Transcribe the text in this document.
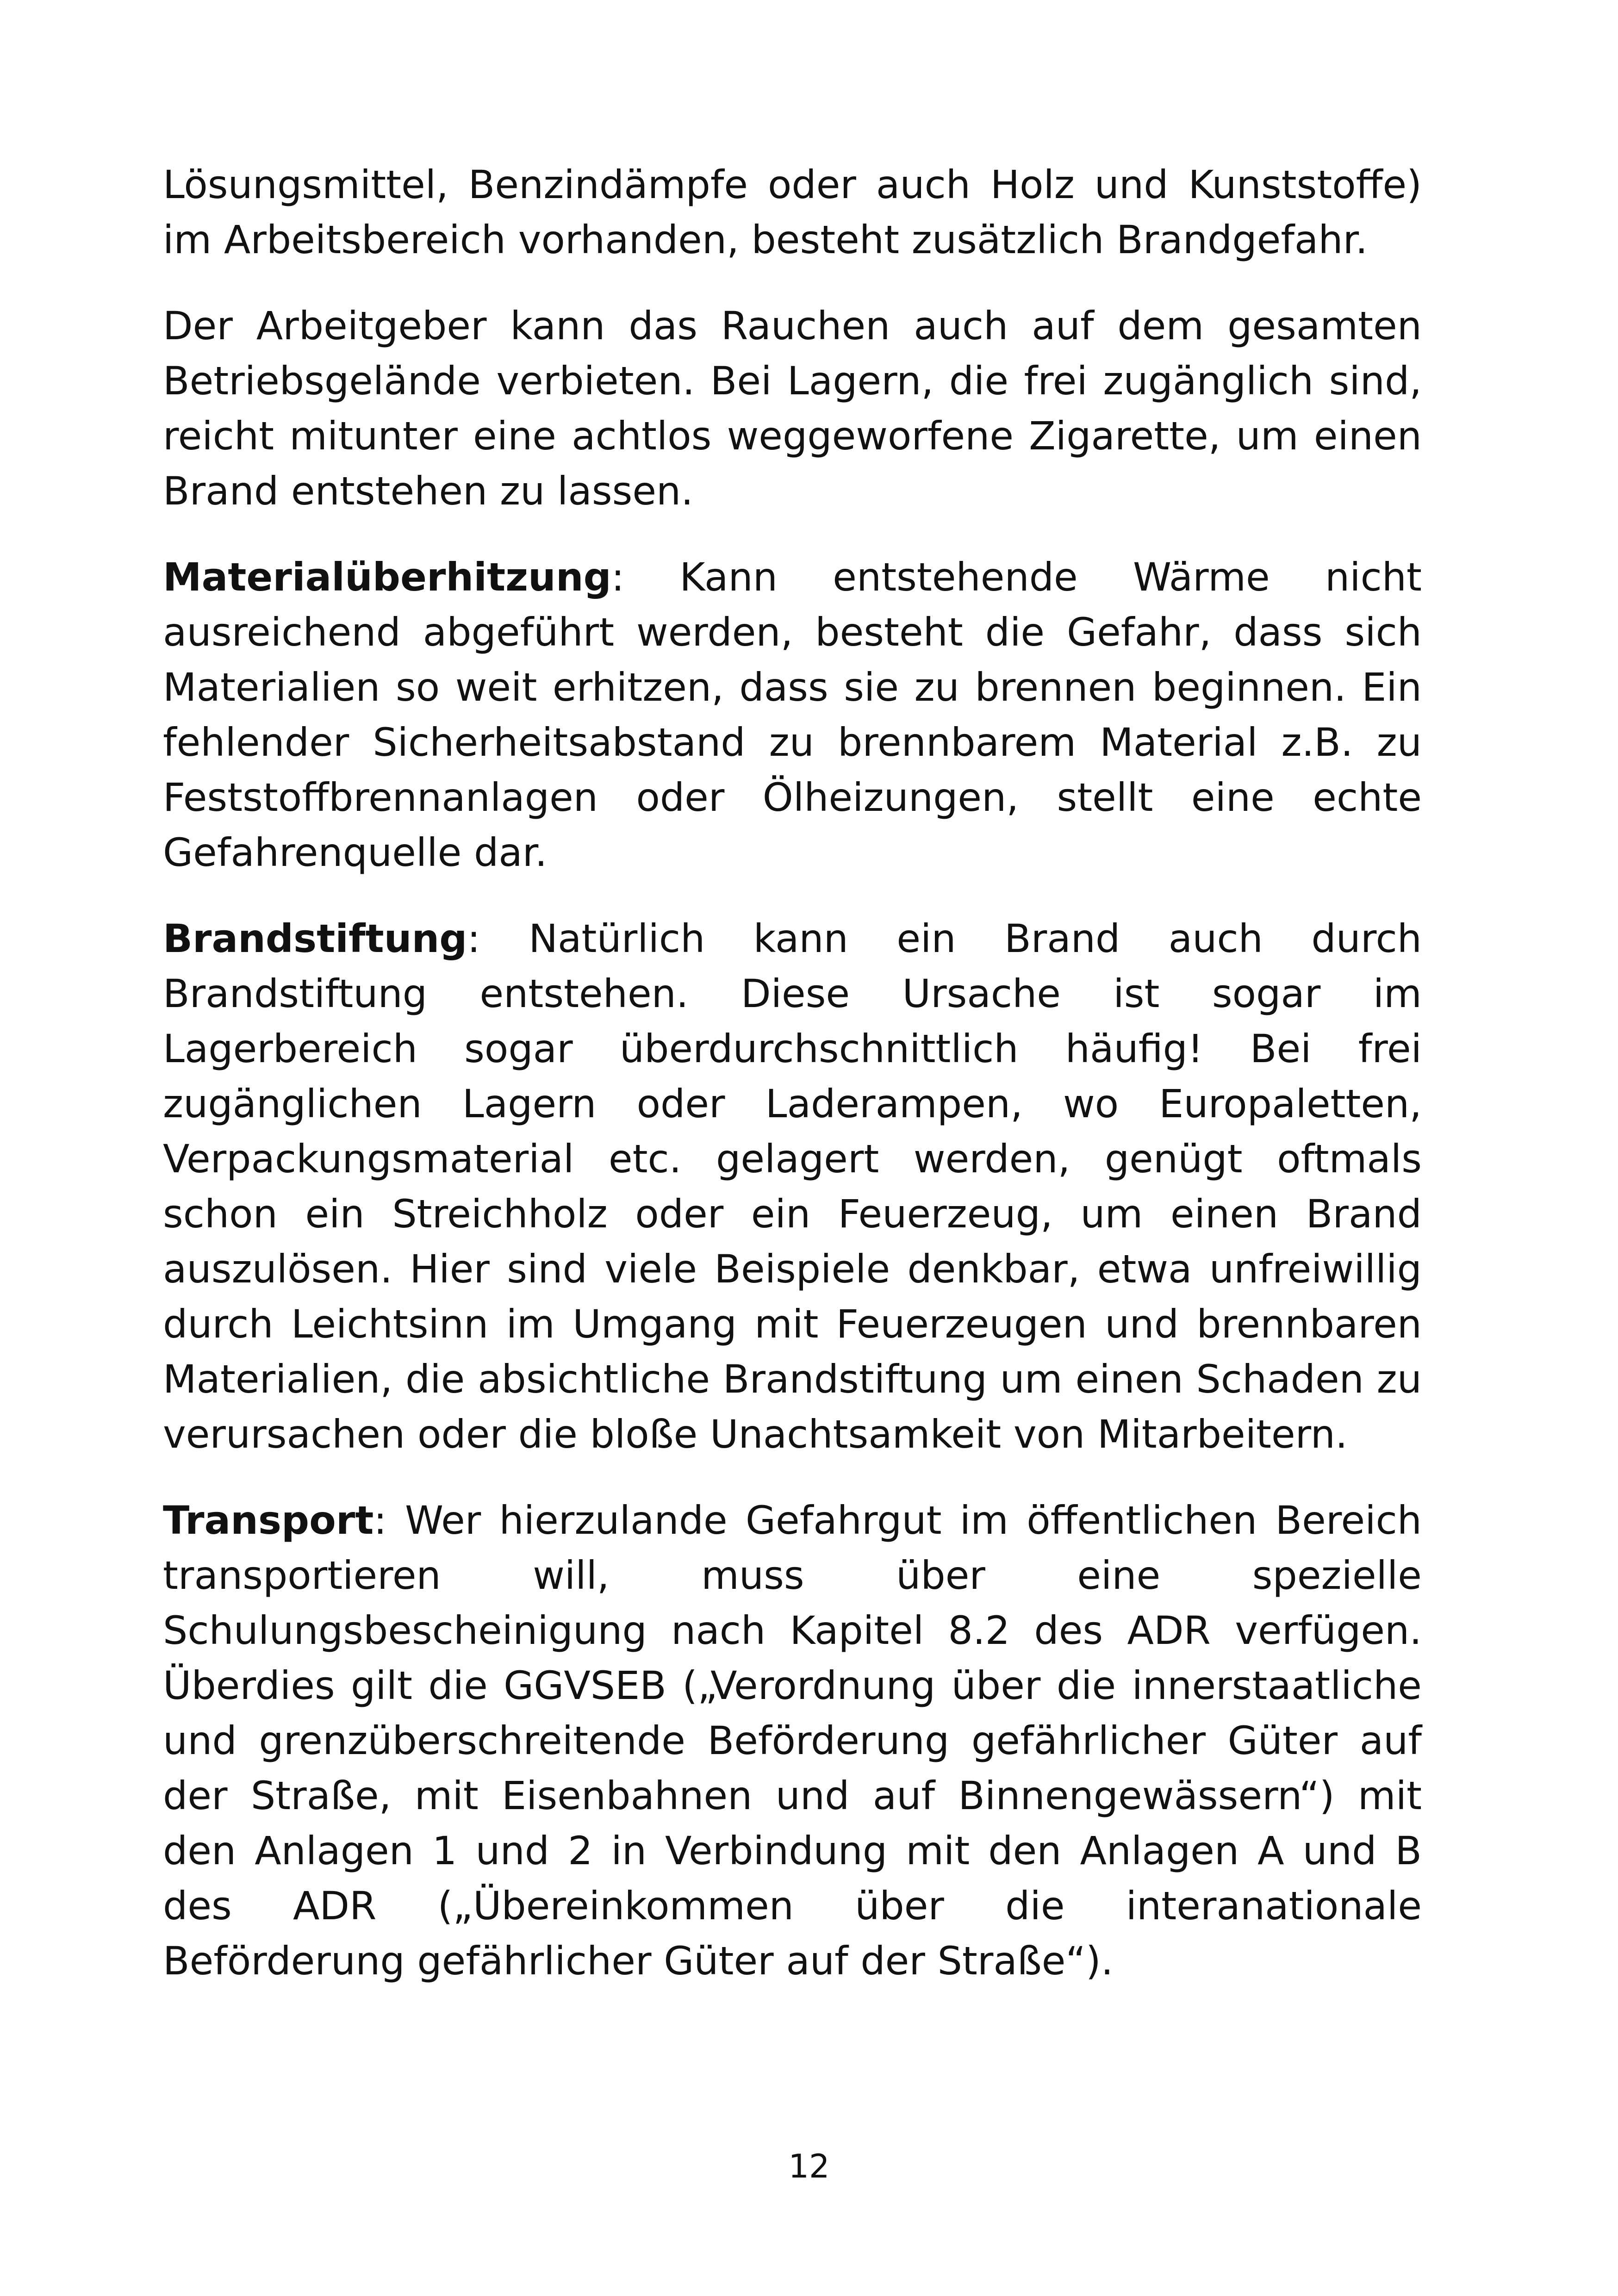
Lösungsmittel, Benzindämpfe oder auch Holz und Kunststoffe) im Arbeitsbereich vorhanden, besteht zusätzlich Brandgefahr.

Der Arbeitgeber kann das Rauchen auch auf dem gesamten Betriebsgelände verbieten. Bei Lagern, die frei zugänglich sind, reicht mitunter eine achtlos weggeworfene Zigarette, um einen Brand entstehen zu lassen.

Materialüberhitzung: Kann entstehende Wärme nicht ausreichend abgeführt werden, besteht die Gefahr, dass sich Materialien so weit erhitzen, dass sie zu brennen beginnen. Ein fehlender Sicherheitsabstand zu brennbarem Material z.B. zu Feststoffbrennanlagen oder Ölheizungen, stellt eine echte Gefahrenquelle dar.

Brandstiftung: Natürlich kann ein Brand auch durch Brandstiftung entstehen. Diese Ursache ist sogar im Lagerbereich sogar überdurchschnittlich häufig! Bei frei zugänglichen Lagern oder Laderampen, wo Europaletten, Verpackungsmaterial etc. gelagert werden, genügt oftmals schon ein Streichholz oder ein Feuerzeug, um einen Brand auszulösen. Hier sind viele Beispiele denkbar, etwa unfreiwillig durch Leichtsinn im Umgang mit Feuerzeugen und brennbaren Materialien, die absichtliche Brandstiftung um einen Schaden zu verursachen oder die bloße Unachtsamkeit von Mitarbeitern.

Transport: Wer hierzulande Gefahrgut im öffentlichen Bereich transportieren will, muss über eine spezielle Schulungsbescheinigung nach Kapitel 8.2 des ADR verfügen. Überdies gilt die GGVSEB („Verordnung über die innerstaatliche und grenzüberschreitende Beförderung gefährlicher Güter auf der Straße, mit Eisenbahnen und auf Binnengewässern“) mit den Anlagen 1 und 2 in Verbindung mit den Anlagen A und B des ADR („Übereinkommen über die interanationale Beförderung gefährlicher Güter auf der Straße“).

12
